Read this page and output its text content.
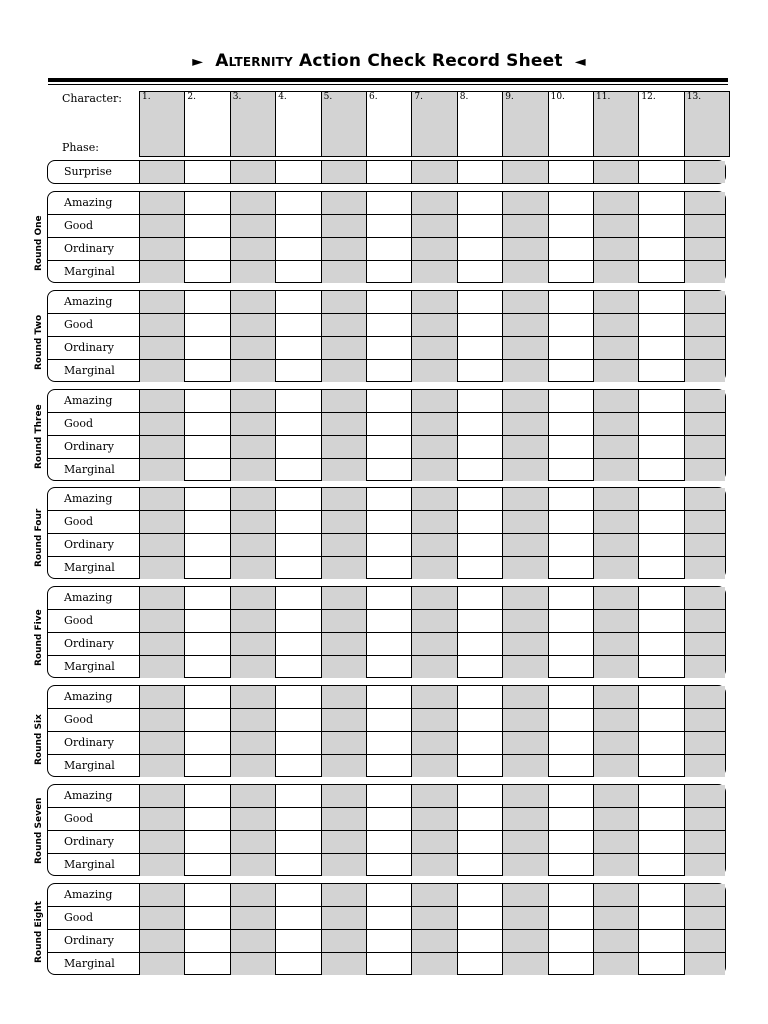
► Alternity Action Check Record Sheet ◄
Character:
Phase:
1.	2.	3.	4.	5.	6.	7.	8.	9.	10.	11.	12.	13.
Surprise
Round One
Amazing
Good
Ordinary
Marginal
Round Two
Amazing
Good
Ordinary
Marginal
Round Three
Amazing
Good
Ordinary
Marginal
Round Four
Amazing
Good
Ordinary
Marginal
Round Five
Amazing
Good
Ordinary
Marginal
Round Six
Amazing
Good
Ordinary
Marginal
Round Seven
Amazing
Good
Ordinary
Marginal
Round Eight
Amazing
Good
Ordinary
Marginal
